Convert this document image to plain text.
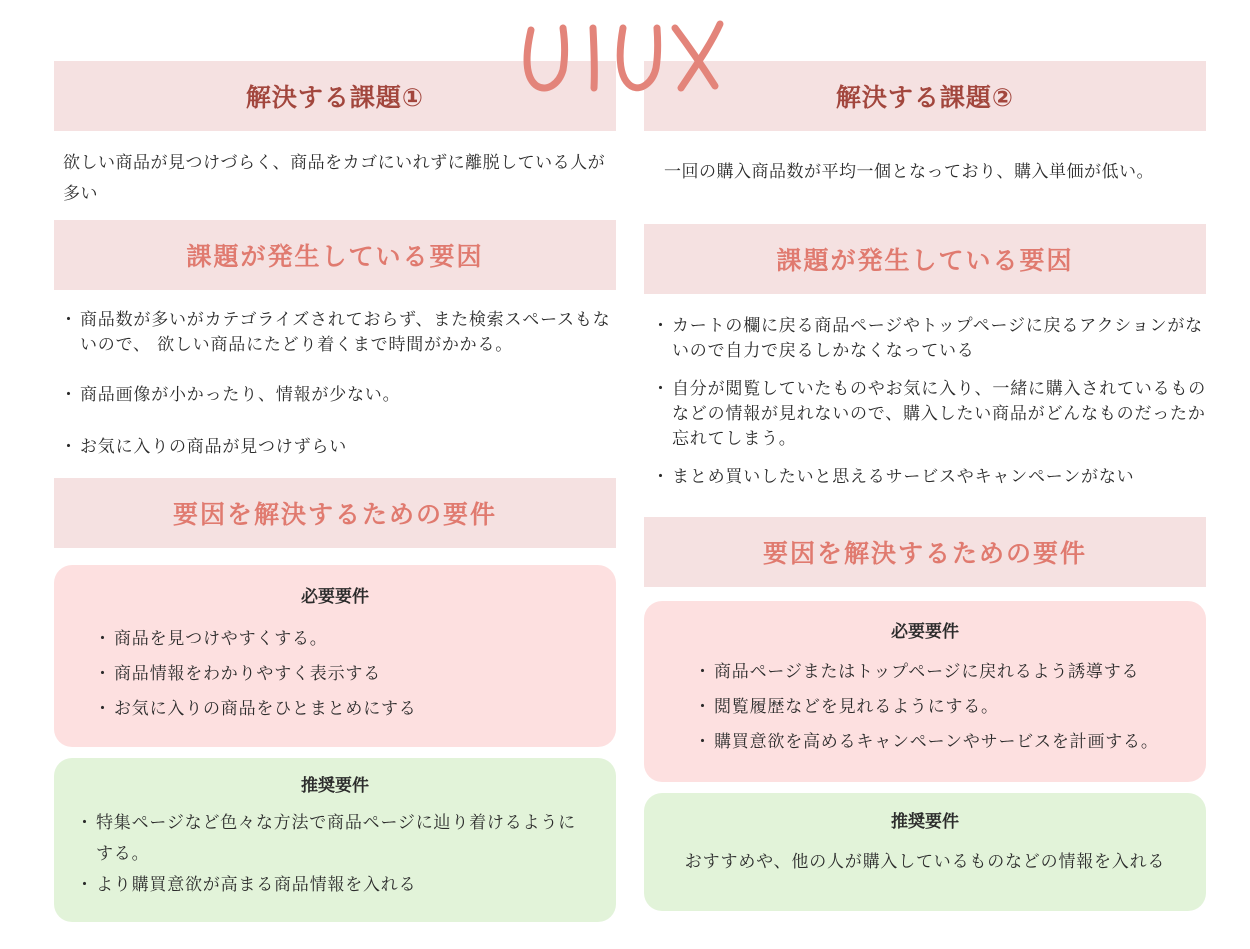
解決する課題①
欲しい商品が見つけづらく、商品をカゴにいれずに離脱している人が多い
課題が発生している要因
・ 商品数が多いがカテゴライズされておらず、また検索スペースもないので、 欲しい商品にたどり着くまで時間がかかる。
・ 商品画像が小かったり、情報が少ない。
・ お気に入りの商品が見つけずらい
要因を解決するための要件
必要要件
・ 商品を見つけやすくする。
・ 商品情報をわかりやすく表示する
・ お気に入りの商品をひとまとめにする
推奨要件
・ 特集ページなど色々な方法で商品ページに辿り着けるようにする。
・ より購買意欲が高まる商品情報を入れる
解決する課題②
一回の購入商品数が平均一個となっており、購入単価が低い。
課題が発生している要因
・ カートの欄に戻る商品ページやトップページに戻るアクションがないので自力で戻るしかなくなっている
・ 自分が閲覧していたものやお気に入り、一緒に購入されているものなどの情報が見れないので、購入したい商品がどんなものだったか忘れてしまう。
・ まとめ買いしたいと思えるサービスやキャンペーンがない
要因を解決するための要件
必要要件
・ 商品ページまたはトップページに戻れるよう誘導する
・ 閲覧履歴などを見れるようにする。
・ 購買意欲を高めるキャンペーンやサービスを計画する。
推奨要件
おすすめや、他の人が購入しているものなどの情報を入れる
